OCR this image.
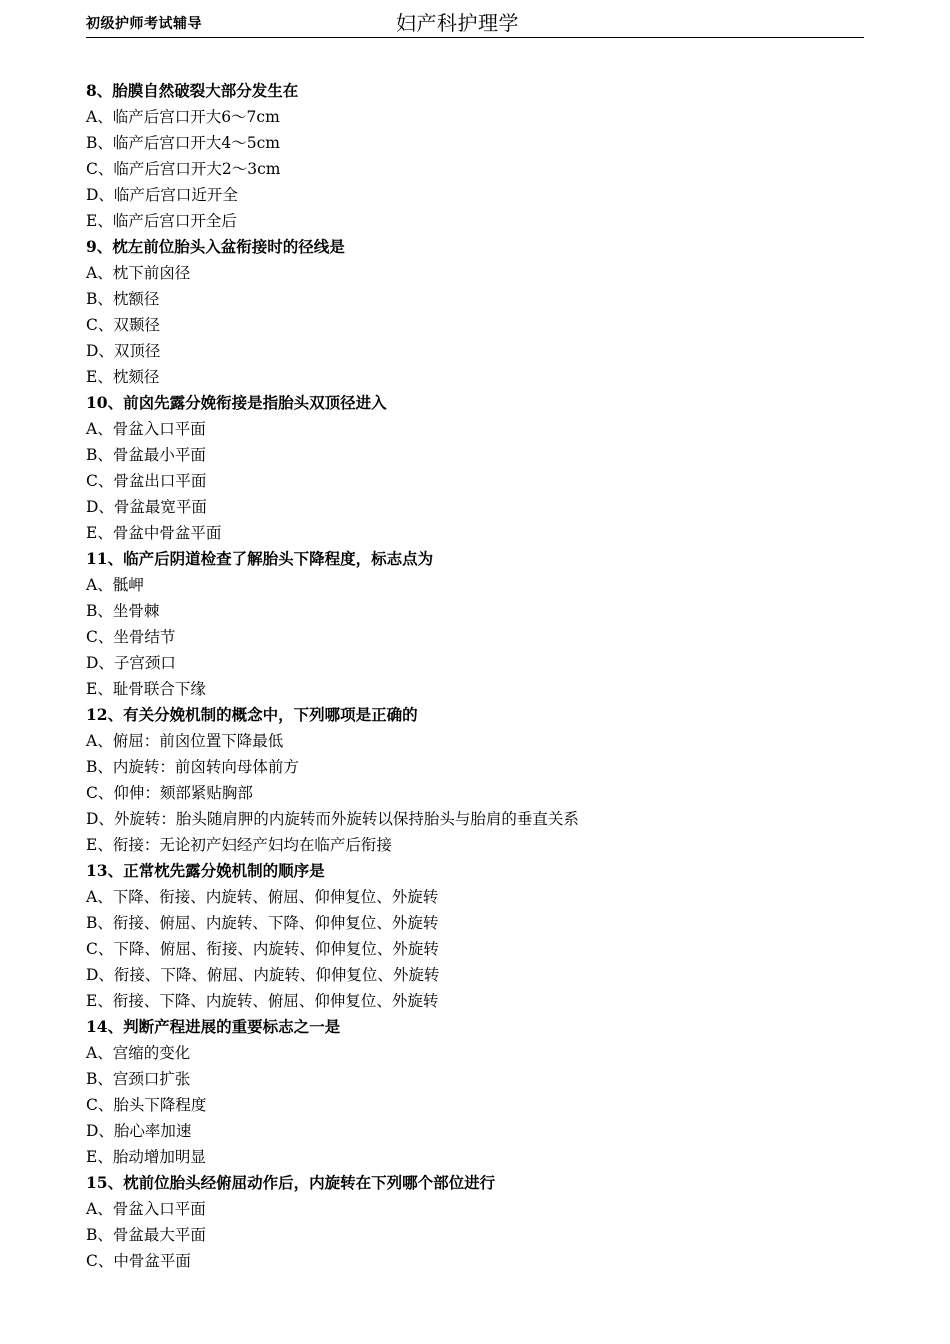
初级护师考试辅导	妇产科护理学
8、胎膜自然破裂大部分发生在
A、临产后宫口开大6～7cm
B、临产后宫口开大4～5cm
C、临产后宫口开大2～3cm
D、临产后宫口近开全
E、临产后宫口开全后
9、枕左前位胎头入盆衔接时的径线是
A、枕下前囟径
B、枕额径
C、双颞径
D、双顶径
E、枕颏径
10、前囟先露分娩衔接是指胎头双顶径进入
A、骨盆入口平面
B、骨盆最小平面
C、骨盆出口平面
D、骨盆最宽平面
E、骨盆中骨盆平面
11、临产后阴道检查了解胎头下降程度，标志点为
A、骶岬
B、坐骨棘
C、坐骨结节
D、子宫颈口
E、耻骨联合下缘
12、有关分娩机制的概念中，下列哪项是正确的
A、俯屈：前囟位置下降最低
B、内旋转：前囟转向母体前方
C、仰伸：颏部紧贴胸部
D、外旋转：胎头随肩胛的内旋转而外旋转以保持胎头与胎肩的垂直关系
E、衔接：无论初产妇经产妇均在临产后衔接
13、正常枕先露分娩机制的顺序是
A、下降、衔接、内旋转、俯屈、仰伸复位、外旋转
B、衔接、俯屈、内旋转、下降、仰伸复位、外旋转
C、下降、俯屈、衔接、内旋转、仰伸复位、外旋转
D、衔接、下降、俯屈、内旋转、仰伸复位、外旋转
E、衔接、下降、内旋转、俯屈、仰伸复位、外旋转
14、判断产程进展的重要标志之一是
A、宫缩的变化
B、宫颈口扩张
C、胎头下降程度
D、胎心率加速
E、胎动增加明显
15、枕前位胎头经俯屈动作后，内旋转在下列哪个部位进行
A、骨盆入口平面
B、骨盆最大平面
C、中骨盆平面
